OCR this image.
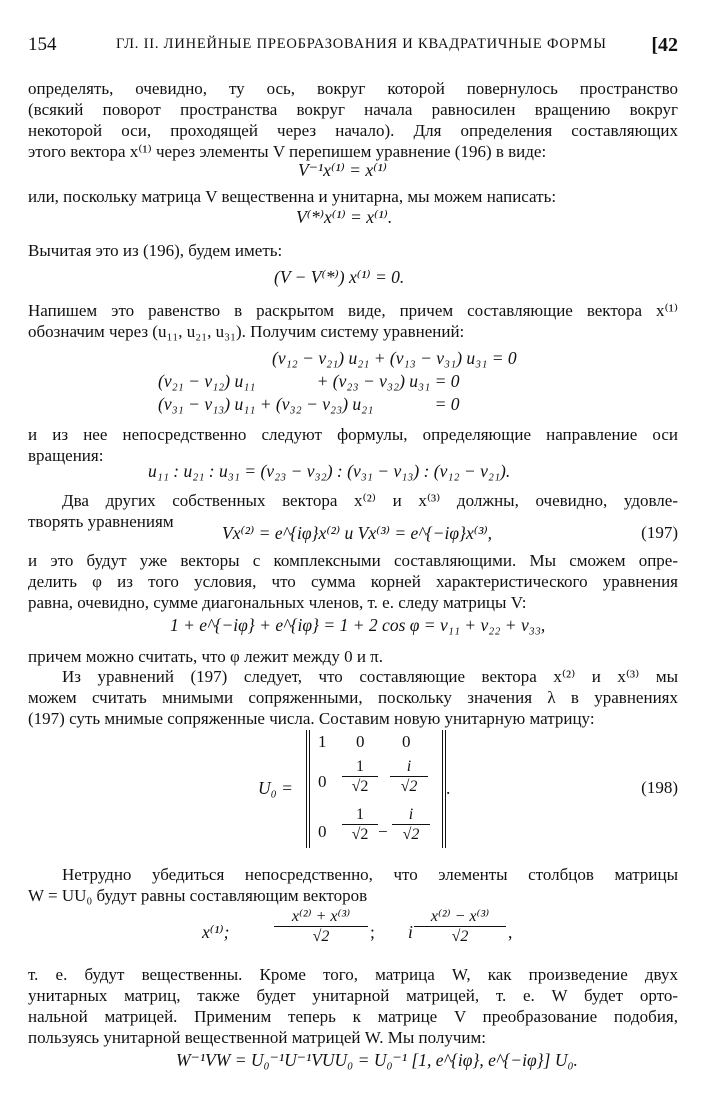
154	ГЛ. II. ЛИНЕЙНЫЕ ПРЕОБРАЗОВАНИЯ И КВАДРАТИЧНЫЕ ФОРМЫ [42
определять, очевидно, ту ось, вокруг которой повернулось пространство
(всякий поворот пространства вокруг начала равносилен вращению вокруг
некоторой оси, проходящей через начало). Для определения составляющих
этого вектора x⁽¹⁾ через элементы V перепишем уравнение (196) в виде:
V⁻¹x⁽¹⁾ = x⁽¹⁾
или, поскольку матрица V вещественна и унитарна, мы можем написать:
V⁽*⁾x⁽¹⁾ = x⁽¹⁾.
Вычитая это из (196), будем иметь:
(V − V⁽*⁾) x⁽¹⁾ = 0.
Напишем это равенство в раскрытом виде, причем составляющие вектора x⁽¹⁾
обозначим через (u₁₁, u₂₁, u₃₁). Получим систему уравнений:
(v₁₂ − v₂₁) u₂₁ + (v₁₃ − v₃₁) u₃₁ = 0
(v₂₁ − v₁₂) u₁₁              + (v₂₃ − v₃₂) u₃₁ = 0
(v₃₁ − v₁₃) u₁₁ + (v₃₂ − v₂₃) u₂₁              = 0
и из нее непосредственно следуют формулы, определяющие направление оси
вращения:
u₁₁ : u₂₁ : u₃₁ = (v₂₃ − v₃₂) : (v₃₁ − v₁₃) : (v₁₂ − v₂₁).
Два других собственных вектора x⁽²⁾ и x⁽³⁾ должны, очевидно, удовле-
творять уравнениям
Vx⁽²⁾ = e^{iφ}x⁽²⁾ и Vx⁽³⁾ = e^{−iφ}x⁽³⁾,	(197)
и это будут уже векторы с комплексными составляющими. Мы сможем опре-
делить φ из того условия, что сумма корней характеристического уравнения
равна, очевидно, сумме диагональных членов, т. е. следу матрицы V:
1 + e^{−iφ} + e^{iφ} = 1 + 2 cos φ = v₁₁ + v₂₂ + v₃₃,
причем можно считать, что φ лежит между 0 и π.
Из уравнений (197) следует, что составляющие вектора x⁽²⁾ и x⁽³⁾ мы
можем считать мнимыми сопряженными, поскольку значения λ в уравнениях
(197) суть мнимые сопряженные числа. Составим новую унитарную матрицу:
U₀ =
1 0 0
$0 \frac{1}{√2} \frac{i}{√2}$
$0 \frac{1}{√2} - \frac{i}{√2}$
.	(198)
Нетрудно убедиться непосредственно, что элементы столбцов матрицы
W = UU₀ будут равны составляющим векторов
x⁽¹⁾;	$\frac{\text{x⁽²⁾ + x⁽³⁾}}{√2}$ ; i $\frac{\text{x⁽²⁾ − x⁽³⁾}}{√2}$ ,
т. е. будут вещественны. Кроме того, матрица W, как произведение двух
унитарных матриц, также будет унитарной матрицей, т. е. W будет орто-
нальной матрицей. Применим теперь к матрице V преобразование подобия,
пользуясь унитарной вещественной матрицей W. Мы получим:
W⁻¹VW = U₀⁻¹U⁻¹VUU₀ = U₀⁻¹ [1, e^{iφ}, e^{−iφ}] U₀.
